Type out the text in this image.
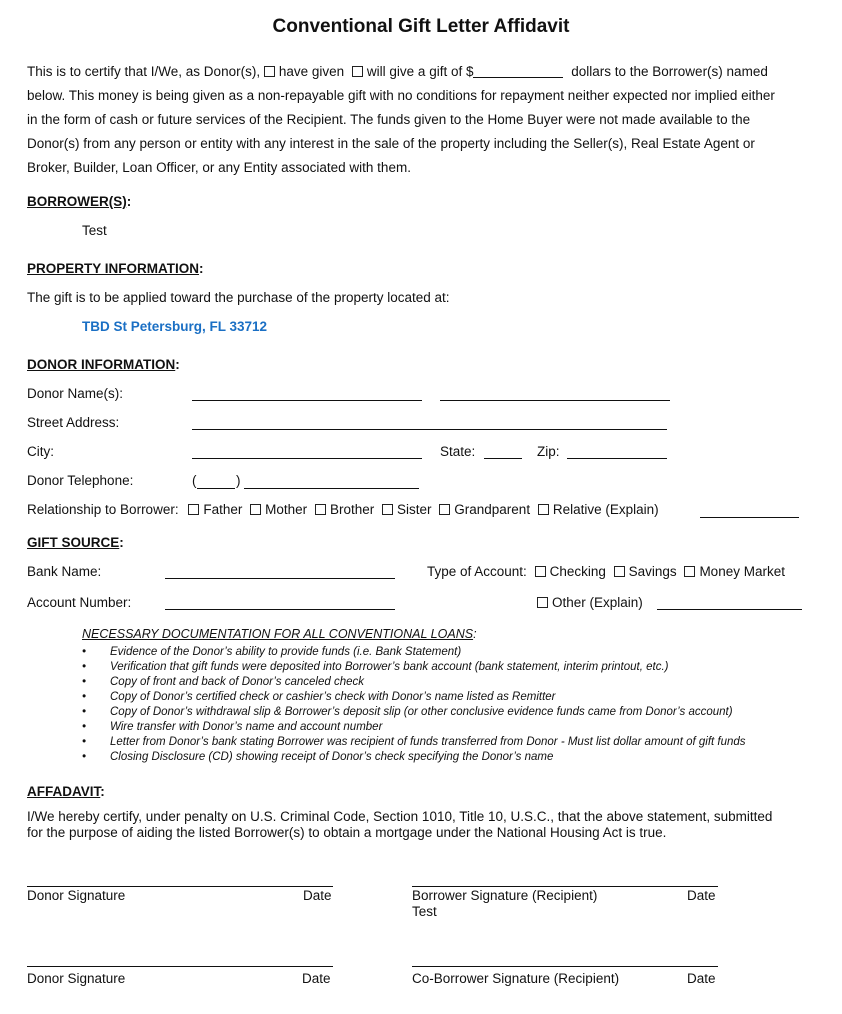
Conventional Gift Letter Affidavit
This is to certify that I/We, as Donor(s), have given will give a gift of $	dollars to the Borrower(s) named
below. This money is being given as a non-repayable gift with no conditions for repayment neither expected nor implied either
in the form of cash or future services of the Recipient. The funds given to the Home Buyer were not made available to the
Donor(s) from any person or entity with any interest in the sale of the property including the Seller(s), Real Estate Agent or
Broker, Builder, Loan Officer, or any Entity associated with them.
BORROWER(S):
Test
PROPERTY INFORMATION:
The gift is to be applied toward the purchase of the property located at:
TBD St Petersburg, FL 33712
DONOR INFORMATION:
Donor Name(s):
Street Address:
City:	State:	Zip:
Donor Telephone:	(	)
Relationship to Borrower: Father Mother Brother Sister Grandparent Relative (Explain)
GIFT SOURCE:
Bank Name:	Type of Account: Checking Savings Money Market
Account Number:	Other (Explain)
NECESSARY DOCUMENTATION FOR ALL CONVENTIONAL LOANS:
• Evidence of the Donor’s ability to provide funds (i.e. Bank Statement)
• Verification that gift funds were deposited into Borrower’s bank account (bank statement, interim printout, etc.)
• Copy of front and back of Donor’s canceled check
• Copy of Donor’s certified check or cashier’s check with Donor’s name listed as Remitter
• Copy of Donor’s withdrawal slip & Borrower’s deposit slip (or other conclusive evidence funds came from Donor’s account)
• Wire transfer with Donor’s name and account number
• Letter from Donor’s bank stating Borrower was recipient of funds transferred from Donor - Must list dollar amount of gift funds
• Closing Disclosure (CD) showing receipt of Donor’s check specifying the Donor’s name
AFFADAVIT:
I/We hereby certify, under penalty on U.S. Criminal Code, Section 1010, Title 10, U.S.C., that the above statement, submitted
for the purpose of aiding the listed Borrower(s) to obtain a mortgage under the National Housing Act is true.
Donor Signature	Date	Borrower Signature (Recipient)	Date
Test
Donor Signature	Date	Co-Borrower Signature (Recipient)	Date
